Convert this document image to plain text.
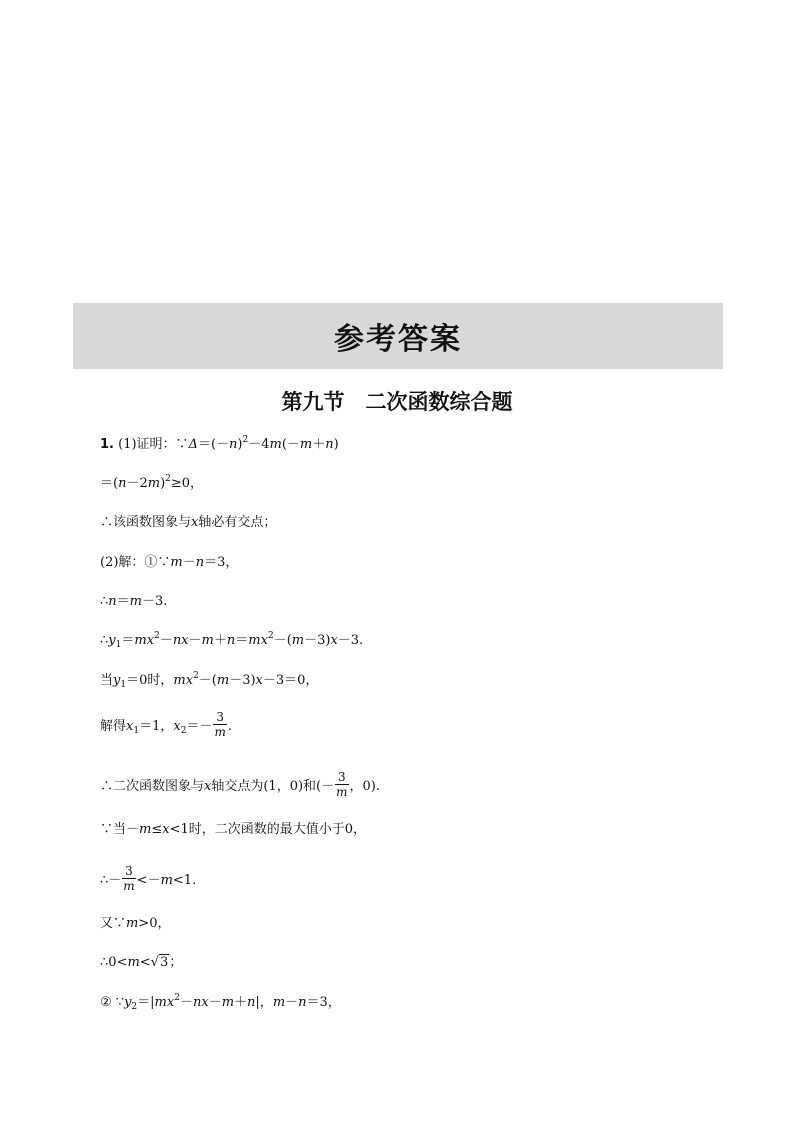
参考答案
第九节　二次函数综合题
1. (1)证明：$\because\Delta=(-n)^2-4m(-m+n)$
$=(n-2m)^2\ge 0$，
∴该函数图象与x轴必有交点；
(2)解：①∵m－n＝3，
∴n＝m－3.
$\therefore y_1=mx^2-nx-m+n=mx^2-(m-3)x-3$.
当$y_1=0$时，$mx^2-(m-3)x-3=0$，
解得$x_1=1$，$x_2=- \frac{3}{m}$ .
∴二次函数图象与x轴交点为(1，0)和(－ $\frac{3}{m}$ ，0).
∵当－m≤x<1时，二次函数的最大值小于0，
∴－ $\frac{3}{m} <-m<1$.
又∵m>0，
∴0<m<√3；
② $\because y_2=|mx^2-nx-m+n|$，m－n＝3，
